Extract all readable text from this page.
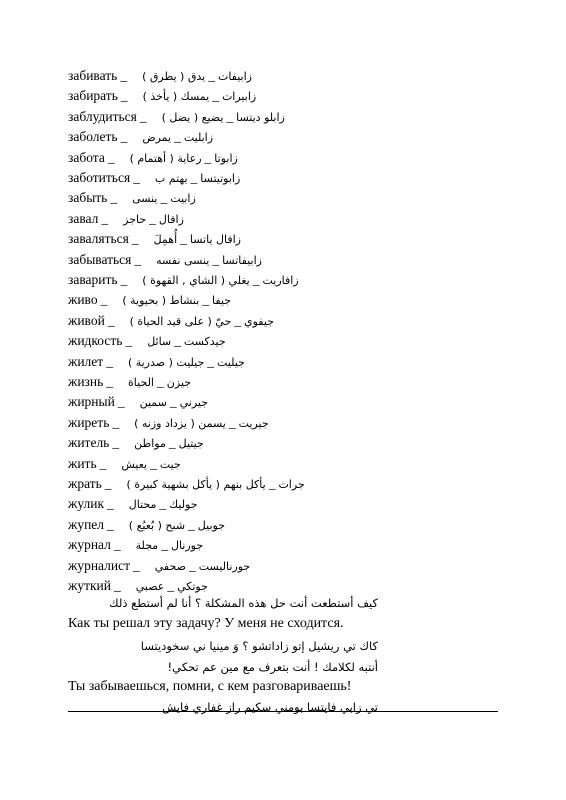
забивать _	زابيفات_يدق ( يطرق )
забирать _	زابيرات_يمسك ( يأخذ )
заблудиться _	زابلو ديتسا_يضيع ( يضل )
заболеть _	زابليت_يمرض
забота _	زابوتا_رعاية ( أهتمام )
заботиться _	زابوتيتسا_يهتم ب
забыть _	زابيت_ينسى
завал _	زافال_حاجز
заваляться _	زافال ياتسا_أُهمِلَ
забываться _	زابيفاتسا_ينسى نفسه
заварить _	زافاريت_يغلي ( الشاي , القهوة )
живо _	جيفا_بنشاط ( بحيوية )
живой _	جيفوي_حيّ ( على قيد الحياة )
жидкость _	جيدكست_سائل
жилет _	جيليت_جيليت ( صدرية )
жизнь _	جيزن_الحياة
жирный _	جيرني_سمين
жиреть _	جيريت_يسمن ( يزداد وزنه )
житель _	جيتيل_مواطن
жить _	جيت_يعيش
жрать _	جرات_يأكل بنهم ( يأكل بشهية كبيرة )
жулик _	جوليك_محتال
жупел _	جوبيل_شبح ( بُعبُع )
журнал _	جورنال_مجلة
журналист _	جورناليست_صحفي
жуткий _	جوتكي_عصبي
كيف أستطعت أنت حل هذه المشكلة ؟ أنا لم أستطع ذلك
Как ты решал эту задачу? У меня не сходится.
كاك تي ريشيل إتو زاداتشو ؟ وَ مينيا ني سخوديتسا
أنتبه لكلامك ! أنت بتعرف مع مين عم تحكي!
Ты забываешься, помни, с кем разговариваешь!
تي زابي فايتسا بومني سكيم راز غفاري فايش
